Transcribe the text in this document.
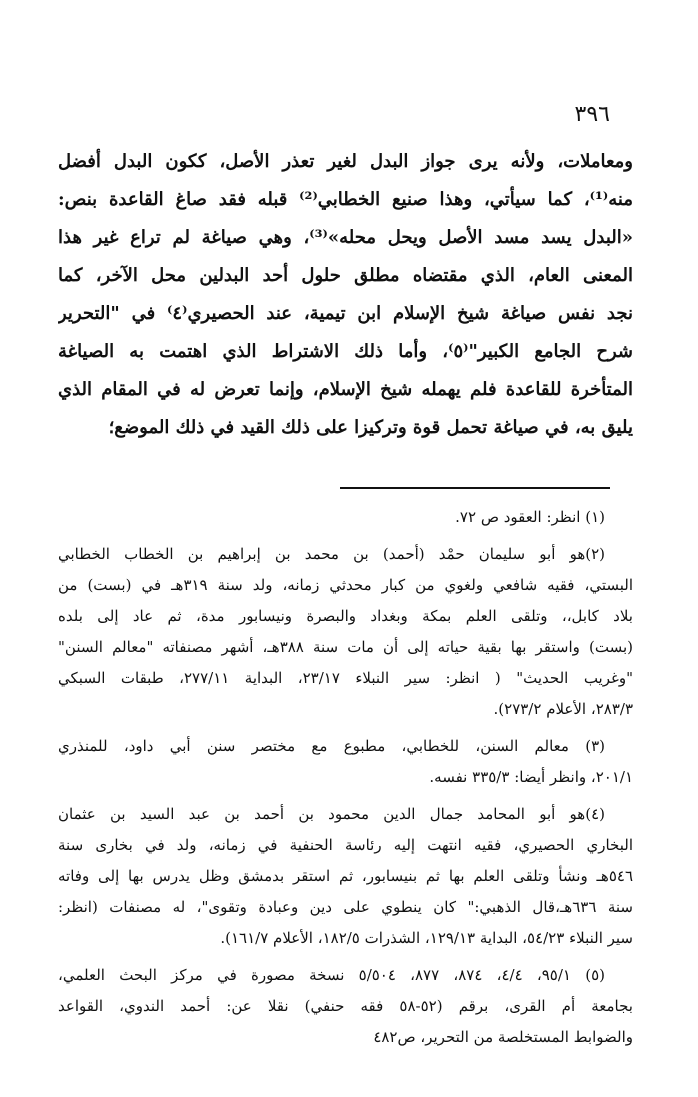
٣٩٦
ومعاملات، ولأنه يرى جواز البدل لغير تعذر الأصل، ككون البدل أفضل
منه⁽¹⁾، كما سيأتي، وهذا صنيع الخطابي⁽²⁾ قبله فقد صاغ القاعدة بنص:
«البدل يسد مسد الأصل ويحل محله»⁽³⁾، وهي صياغة لم تراع غير هذا
المعنى العام، الذي مقتضاه مطلق حلول أحد البدلين محل الآخر، كما
نجد نفس صياغة شيخ الإسلام ابن تيمية، عند الحصيري⁽٤⁾ في "التحرير
شرح الجامع الكبير"⁽٥⁾، وأما ذلك الاشتراط الذي اهتمت به الصياغة
المتأخرة للقاعدة فلم يهمله شيخ الإسلام، وإنما تعرض له في المقام الذي
يليق به، في صياغة تحمل قوة وتركيزا على ذلك القيد في ذلك الموضع؛
(١) انظر: العقود ص ٧٢.
(٢)هو أبو سليمان حمْد (أحمد) بن محمد بن إبراهيم بن الخطاب الخطابي
البستي، فقيه شافعي ولغوي من كبار محدثي زمانه، ولد سنة ٣١٩هـ في (بست) من
بلاد كابل،، وتلقى العلم بمكة وبغداد والبصرة ونيسابور مدة، ثم عاد إلى بلده
(بست) واستقر بها بقية حياته إلى أن مات سنة ٣٨٨هـ، أشهر مصنفاته "معالم السنن"
"وغريب الحديث" ( انظر: سير النبلاء ٢٣/١٧، البداية ٢٧٧/١١، طبقات السبكي
٢٨٣/٣، الأعلام ٢٧٣/٢).
(٣) معالم السنن، للخطابي، مطبوع مع مختصر سنن أبي داود، للمنذري
٢٠١/١، وانظر أيضا: ٣٣٥/٣ نفسه.
(٤)هو أبو المحامد جمال الدين محمود بن أحمد بن عبد السيد بن عثمان
البخاري الحصيري، فقيه انتهت إليه رئاسة الحنفية في زمانه، ولد في بخارى سنة
٥٤٦هـ ونشأ وتلقى العلم بها ثم بنيسابور، ثم استقر بدمشق وظل يدرس بها إلى وفاته
سنة ٦٣٦هـ،قال الذهبي:" كان ينطوي على دين وعبادة وتقوى"، له مصنفات (انظر:
سير النبلاء ٥٤/٢٣، البداية ١٢٩/١٣، الشذرات ١٨٢/٥، الأعلام ١٦١/٧).
(٥) ٩٥/١، ٤/٤، ٨٧٤، ٨٧٧، ٥/٥٠٤ نسخة مصورة في مركز البحث العلمي،
بجامعة أم القرى، برقم (٥٢-٥٨ فقه حنفي) نقلا عن: أحمد الندوي، القواعد
والضوابط المستخلصة من التحرير، ص٤٨٢
